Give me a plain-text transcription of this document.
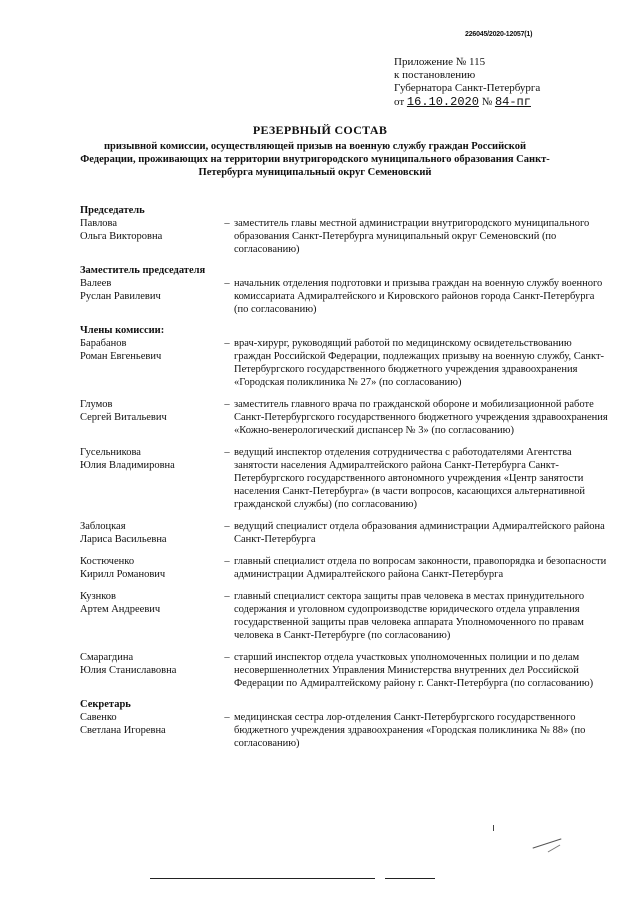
226045/2020-12057(1)
Приложение № 115
к постановлению
Губернатора Санкт-Петербурга
от 16.10.2020 № 84-пг
РЕЗЕРВНЫЙ СОСТАВ
призывной комиссии, осуществляющей призыв на военную службу граждан Российской Федерации, проживающих на территории внутригородского муниципального образования Санкт-Петербурга муниципальный округ Семеновский
Председатель
Павлова
Ольга Викторовна
– заместитель главы местной администрации внутригородского муниципального образования Санкт-Петербурга муниципальный округ Семеновский (по согласованию)
Заместитель председателя
Валеев
Руслан Равилевич
– начальник отделения подготовки и призыва граждан на военную службу военного комиссариата Адмиралтейского и Кировского районов города Санкт-Петербурга (по согласованию)
Члены комиссии:
Барабанов
Роман Евгеньевич
– врач-хирург, руководящий работой по медицинскому освидетельствованию граждан Российской Федерации, подлежащих призыву на военную службу, Санкт-Петербургского государственного бюджетного учреждения здравоохранения «Городская поликлиника № 27» (по согласованию)
Глумов
Сергей Витальевич
– заместитель главного врача по гражданской обороне и мобилизационной работе Санкт-Петербургского государственного бюджетного учреждения здравоохранения «Кожно-венерологический диспансер № 3» (по согласованию)
Гусельникова
Юлия Владимировна
– ведущий инспектор отделения сотрудничества с работодателями Агентства занятости населения Адмиралтейского района Санкт-Петербурга Санкт-Петербургского государственного автономного учреждения «Центр занятости населения Санкт-Петербурга» (в части вопросов, касающихся альтернативной гражданской службы) (по согласованию)
Заблоцкая
Лариса Васильевна
– ведущий специалист отдела образования администрации Адмиралтейского района Санкт-Петербурга
Костюченко
Кирилл Романович
– главный специалист отдела по вопросам законности, правопорядка и безопасности администрации Адмиралтейского района Санкт-Петербурга
Кузнков
Артем Андреевич
– главный специалист сектора защиты прав человека в местах принудительного содержания и уголовном судопроизводстве юридического отдела управления государственной защиты прав человека аппарата Уполномоченного по правам человека в Санкт-Петербурге (по согласованию)
Смарагдина
Юлия Станиславовна
– старший инспектор отдела участковых уполномоченных полиции и по делам несовершеннолетних Управления Министерства внутренних дел Российской Федерации по Адмиралтейскому району г. Санкт-Петербурга (по согласованию)
Секретарь
Савенко
Светлана Игоревна
– медицинская сестра лор-отделения Санкт-Петербургского государственного бюджетного учреждения здравоохранения «Городская поликлиника № 88» (по согласованию)
